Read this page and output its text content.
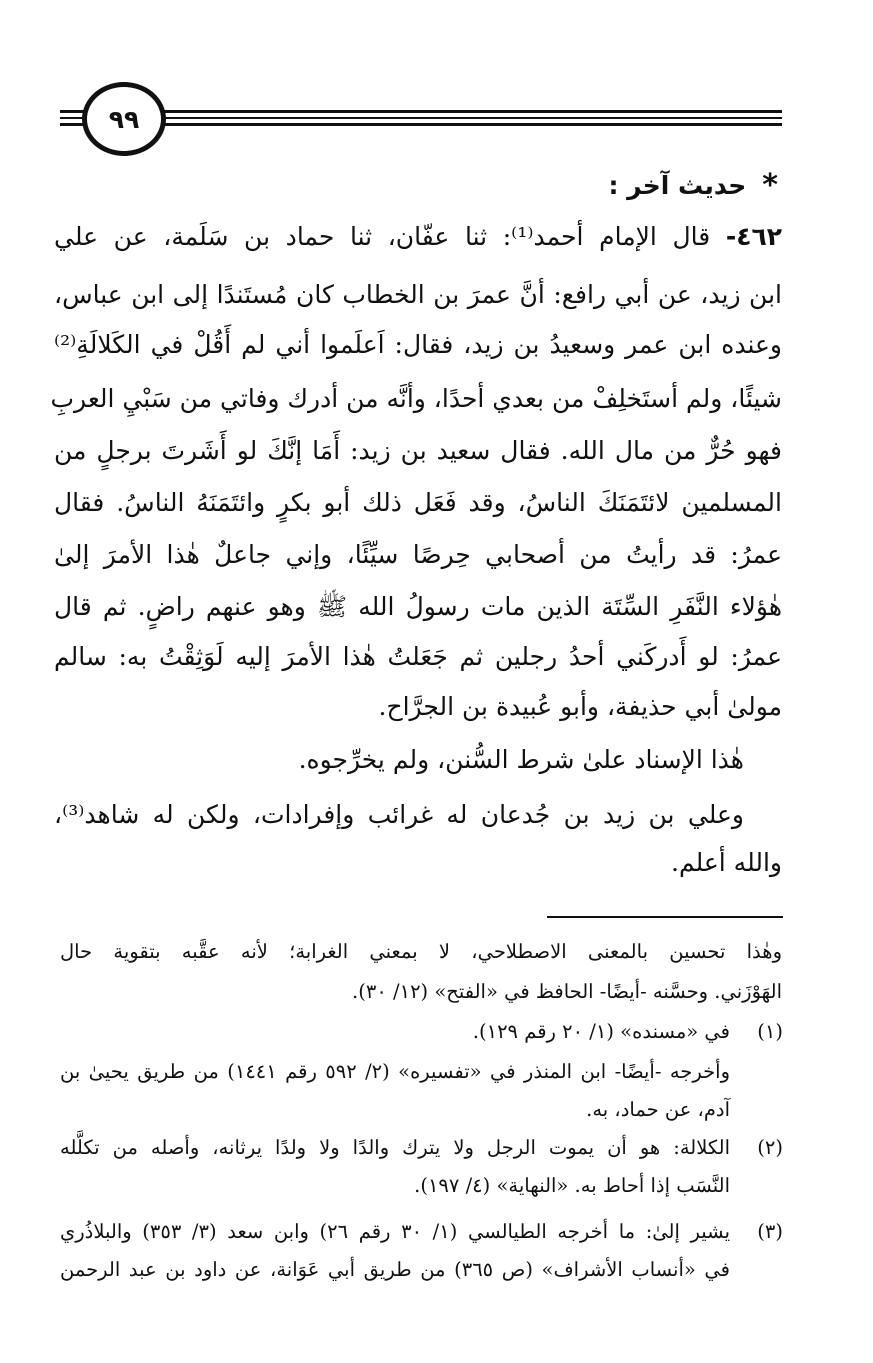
٩٩
*
حديث آخر :
٤٦٢- قال الإمام أحمد⁽¹⁾: ثنا عفّان، ثنا حماد بن سَلَمة، عن علي
ابن زيد، عن أبي رافع: أنَّ عمرَ بن الخطاب كان مُستَندًا إلى ابن عباس،
وعنده ابن عمر وسعيدُ بن زيد، فقال: اَعلَموا أني لم أَقُلْ في الكَلالَةِ⁽²⁾
شيئًا، ولم أستَخلِفْ من بعدي أحدًا، وأنَّه من أدرك وفاتي من سَبْيِ العربِ
فهو حُرٌّ من مال الله. فقال سعيد بن زيد: أَمَا إنَّكَ لو أَشَرتَ برجلٍ من
المسلمين لائتَمَنَكَ الناسُ، وقد فَعَل ذلك أبو بكرٍ وائتَمَنَهُ الناسُ. فقال
عمرُ: قد رأيتُ من أصحابي حِرصًا سيِّئًا، وإني جاعلٌ هٰذا الأمرَ إلىٰ
هٰؤلاء النَّفَرِ السِّتَة الذين مات رسولُ الله ﷺ وهو عنهم راضٍ. ثم قال
عمرُ: لو أَدركَني أحدُ رجلين ثم جَعَلتُ هٰذا الأمرَ إليه لَوَثِقْتُ به: سالم
مولىٰ أبي حذيفة، وأبو عُبيدة بن الجرَّاح.
هٰذا الإسناد علىٰ شرط السُّنن، ولم يخرِّجوه.
وعلي بن زيد بن جُدعان له غرائب وإفرادات، ولكن له شاهد⁽³⁾،
والله أعلم.
وهٰذا تحسين بالمعنى الاصطلاحي، لا بمعني الغرابة؛ لأنه عقَّبه بتقوية حال
الهَوْزَني. وحسَّنه -أيضًا- الحافظ في «الفتح» (١٢/ ٣٠).
(١)
في «مسنده» (١/ ٢٠ رقم ١٢٩).
وأخرجه -أيضًا- ابن المنذر في «تفسيره» (٢/ ٥٩٢ رقم ١٤٤١) من طريق يحيىٰ بن
آدم، عن حماد، به.
(٢)
الكلالة: هو أن يموت الرجل ولا يترك والدًا ولا ولدًا يرثانه، وأصله من تكلَّله
النَّسَب إذا أحاط به. «النهاية» (٤/ ١٩٧).
(٣)
يشير إلىٰ: ما أخرجه الطيالسي (١/ ٣٠ رقم ٢٦) وابن سعد (٣/ ٣٥٣) والبلاذُري
في «أنساب الأشراف» (ص ٣٦٥) من طريق أبي عَوَانة، عن داود بن عبد الرحمن
